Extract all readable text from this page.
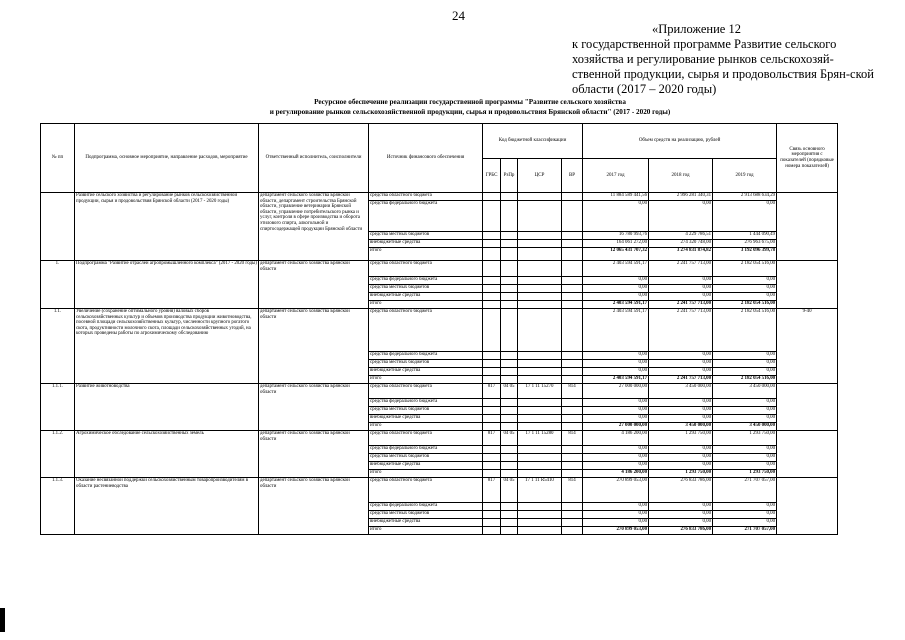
24
«Приложение 12
к государственной программе Развитие сельского хозяйства и регулирование рынков сельскохозяй-ственной продукции, сырья и продовольствия Брян-ской области (2017 – 2020 годы)
Ресурсное обеспечение реализации государственной программы "Развитие сельского хозяйства
и регулирование рынков сельскохозяйственной продукции, сырья и продовольствия Брянской области" (2017 - 2020 годы)
№ пп	Подпрограмма, основное мероприятие, направление расходов, мероприятие	Ответственный исполнитель, соисполнители	Источник финансового обеспечения	Код бюджетной классификации				Объем средств на реализацию, рублей			Связь основного мероприятия с показателей (порядковые номера показателей)
				ГРБС	РзПр	ЦСР	ВР	2017 год	2018 год	2019 год	
	Развитие сельского хозяйства и регулирование рынков сельскохозяйственной продукции, сырья и продовольствия Брянской области (2017 - 2020 годы)	департамент сельского хозяйства Брянской области, департамент строительства Брянской области, управление ветеринарии Брянской области, управление потребительского рынка и услуг, контроля в сфере производства и оборота этилового спирта, алкогольной и спиртосодержащей продукции Брянской области	средства областного бюджета					11 884 589 441,56	2 996 281 340,31	2 913 688 634,29	
			средства федерального бюджета					0,00	0,00	0,00	
			средства местных бюджетов					16 780 993,76	4 229 786,51	1 444 090,49	
			внебюджетные средства					164 061 272,00	274 320 748,00	276 963 675,00	
			итого					12 065 431 707,32	3 274 831 874,82	3 192 096 399,78	
1.	Подпрограмма "Развитие отраслей агропромышленного комплекса" (2017 - 2020 годы)	департамент сельского хозяйства Брянской области	средства областного бюджета					2 403 594 591,17	2 241 757 713,00	2 182 054 516,00	
			средства федерального бюджета					0,00	0,00	0,00	
			средства местных бюджетов					0,00	0,00	0,00	
			внебюджетные средства					0,00	0,00	0,00	
			итого					2 403 594 591,17	2 241 757 713,00	2 182 054 516,00	
1.1.	Увеличение (сохранение оптимального уровня) валовых сборов сельскохозяйственных культур и объемов производства продукции животноводства, посевной площади сельскохозяйственных культур, численности крупного рогатого скота, продуктивности молочного скота, площади сельскохозяйственных угодий, на которых проведены работы по агрохимическому обследованию	департамент сельского хозяйства Брянской области	средства областного бюджета					2 403 594 591,17	2 241 757 713,00	2 182 054 516,00	9-40
			средства федерального бюджета					0,00	0,00	0,00	
			средства местных бюджетов					0,00	0,00	0,00	
			внебюджетные средства					0,00	0,00	0,00	
			итого					2 403 594 591,17	2 241 757 713,00	2 182 054 516,00	
1.1.1.	Развитие животноводства	департамент сельского хозяйства Брянской области	средства областного бюджета	817	04 05	17 1 11 15270	814	27 000 000,00	3 450 000,00	3 450 000,00	
			средства федерального бюджета					0,00	0,00	0,00	
			средства местных бюджетов					0,00	0,00	0,00	
			внебюджетные средства					0,00	0,00	0,00	
			итого					27 000 000,00	3 450 000,00	3 450 000,00	
1.1.2.	Агрохимическое обследование сельскохозяйственных земель	департамент сельского хозяйства Брянской области	средства областного бюджета	817	04 05	17 1 11 15280	814	4 186 200,00	1 293 750,00	1 293 750,00	
			средства федерального бюджета					0,00	0,00	0,00	
			средства местных бюджетов					0,00	0,00	0,00	
			внебюджетные средства					0,00	0,00	0,00	
			итого					4 186 200,00	1 293 750,00	1 293 750,00	
1.1.3.	Оказание несвязанной поддержки сельскохозяйственным товаропроизводителям в области растениеводства	департамент сельского хозяйства Брянской области	средства областного бюджета	817	04 05	17 1 11 R5410	814	270 899 053,00	276 833 786,00	271 707 057,00	
			средства федерального бюджета					0,00	0,00	0,00	
			средства местных бюджетов					0,00	0,00	0,00	
			внебюджетные средства					0,00	0,00	0,00	
			итого					270 899 053,00	276 833 786,00	271 707 057,00	
